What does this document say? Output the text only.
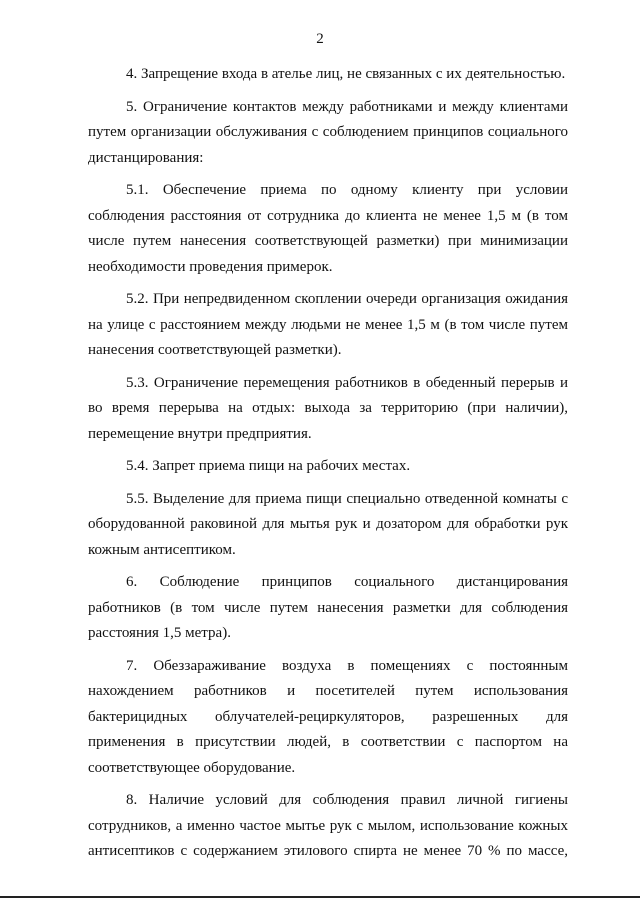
2

4. Запрещение входа в ателье лиц, не связанных с их деятельностью.

5. Ограничение контактов между работниками и между клиентами путем организации обслуживания с соблюдением принципов социального дистанцирования:

5.1. Обеспечение приема по одному клиенту при условии соблюдения расстояния от сотрудника до клиента не менее 1,5 м (в том числе путем нанесения соответствующей разметки) при минимизации необходимости проведения примерок.

5.2. При непредвиденном скоплении очереди организация ожидания на улице с расстоянием между людьми не менее 1,5 м (в том числе путем нанесения соответствующей разметки).

5.3. Ограничение перемещения работников в обеденный перерыв и во время перерыва на отдых: выхода за территорию (при наличии), перемещение внутри предприятия.

5.4. Запрет приема пищи на рабочих местах.

5.5. Выделение для приема пищи специально отведенной комнаты с оборудованной раковиной для мытья рук и дозатором для обработки рук кожным антисептиком.

6. Соблюдение принципов социального дистанцирования работников (в том числе путем нанесения разметки для соблюдения расстояния 1,5 метра).

7. Обеззараживание воздуха в помещениях с постоянным нахождением работников и посетителей путем использования бактерицидных облучателей-рециркуляторов, разрешенных для применения в присутствии людей, в соответствии с паспортом на соответствующее оборудование.

8. Наличие условий для соблюдения правил личной гигиены сотрудников, а именно частое мытье рук с мылом, использование кожных антисептиков с содержанием этилового спирта не менее 70 % по массе,
